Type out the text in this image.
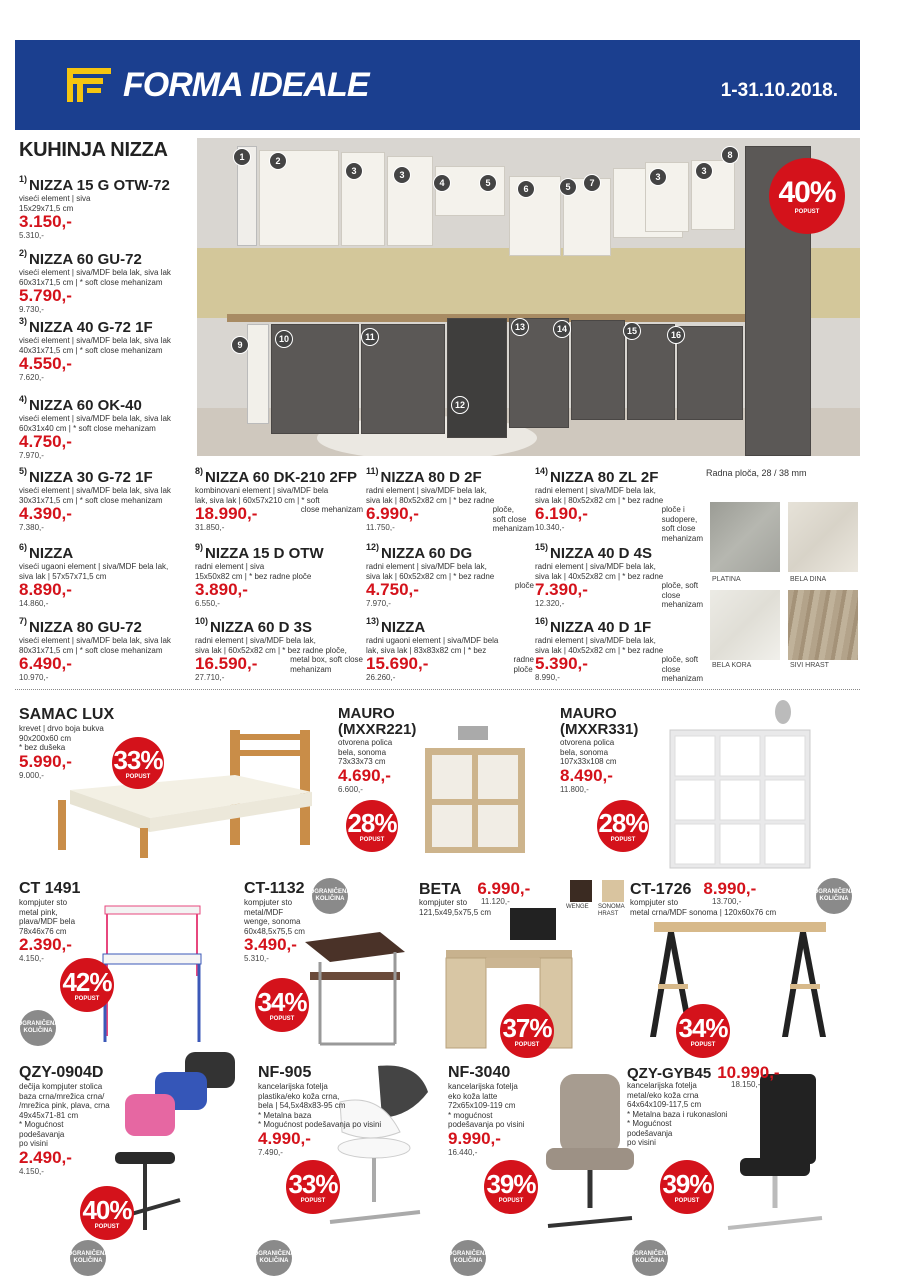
FORMA IDEALE	1-31.10.2018.
KUHINJA NIZZA
$^{1)}$ NIZZA 15 G OTW-72
viseći element | siva
15x29x71,5 cm
3.150,-
5.310,-
$^{2)}$ NIZZA 60 GU-72
viseći element | siva/MDF bela lak, siva lak
60x31x71,5 cm | * soft close mehanizam
5.790,-
9.730,-
$^{3)}$ NIZZA 40 G-72 1F
viseći element | siva/MDF bela lak, siva lak
40x31x71,5 cm | * soft close mehanizam
4.550,-
7.620,-
$^{4)}$ NIZZA 60 OK-40
viseći element | siva/MDF bela lak, siva lak
60x31x40 cm | * soft close mehanizam
4.750,-
7.970,-
1	2
3	3
4	5
6	5	7
3
3
8
9
10	11
12
13	14	15	16
40%
POPUST
$^{5)}$ NIZZA 30 G-72 1F
viseći element | siva/MDF bela lak, siva lak
30x31x71,5 cm | * soft close mehanizam
4.390,-
7.380,-
$^{6)}$ NIZZA
viseći ugaoni element | siva/MDF bela lak,
siva lak | 57x57x71,5 cm
8.890,-
14.860,-
$^{7)}$ NIZZA 80 GU-72
viseći element | siva/MDF bela lak, siva lak
80x31x71,5 cm | * soft close mehanizam
6.490,-
10.970,-
$^{8)}$ NIZZA 60 DK-210 2FP
kombinovani element | siva/MDF bela
lak, siva lak | 60x57x210 cm | * soft
18.990,-
31.850,-
close mehanizam
$^{9)}$ NIZZA 15 D OTW
radni element | siva
15x50x82 cm | * bez radne ploče
3.890,-
6.550,-
$^{10)}$ NIZZA 60 D 3S
radni element | siva/MDF bela lak,
siva lak | 60x52x82 cm | * bez radne ploče,
16.590,-
27.710,-
metal box, soft close
mehanizam
$^{11)}$ NIZZA 80 D 2F
radni element | siva/MDF bela lak,
siva lak | 80x52x82 cm | * bez radne
6.990,-
11.750,-
ploče,
soft close
mehanizam
$^{12)}$ NIZZA 60 DG
radni element | siva/MDF bela lak,
siva lak | 60x52x82 cm | * bez radne
4.750,-
7.970,-
ploče
$^{13)}$ NIZZA
radni ugaoni element | siva/MDF bela
lak, siva lak | 83x83x82 cm | * bez
15.690,-
26.260,-
radne
ploče
$^{14)}$ NIZZA 80 ZL 2F
radni element | siva/MDF bela lak,
siva lak | 80x52x82 cm | * bez radne
6.190,-
10.340,-
ploče i
sudopere,
soft close
mehanizam
$^{15)}$ NIZZA 40 D 4S
radni element | siva/MDF bela lak,
siva lak | 40x52x82 cm | * bez radne
7.390,-
12.320,-
ploče, soft
close
mehanizam
$^{16)}$ NIZZA 40 D 1F
radni element | siva/MDF bela lak,
siva lak | 40x52x82 cm | * bez radne
5.390,-
8.990,-
ploče, soft
close
mehanizam
Radna ploča, 28 / 38 mm
PLATINA	BELA DINA
BELA KORA	SIVI HRAST
WENGE SONOMA
HRAST
SAMAC LUX
krevet | drvo boja bukva
90x200x60 cm
* bez dušeka
5.990,-
9.000,-
33%
POPUST
MAURO
(MXXR221)
otvorena polica
bela, sonoma
73x33x73 cm
4.690,-
6.600,-
28%
POPUST
MAURO
(MXXR331)
otvorena polica
bela, sonoma
107x33x108 cm
8.490,-
11.800,-
28%
POPUST
CT 1491
kompjuter sto
metal pink,
plava/MDF bela
78x46x76 cm
2.390,-
4.150,-
42%
POPUST
OGRANIČENA KOLIČINA
CT-1132
kompjuter sto
metal/MDF
wenge, sonoma
60x48,5x75,5 cm
3.490,-
5.310,-
OGRANIČENA KOLIČINA
34%
POPUST
BETA 6.990,-
11.120,-
kompjuter sto
121,5x49,5x75,5 cm
37%
POPUST
CT-1726 8.990,-
13.700,-
kompjuter sto
metal crna/MDF sonoma | 120x60x76 cm
OGRANIČENA KOLIČINA
34%
POPUST
QZY-0904D
dečija kompjuter stolica
baza crna/mrežica crna/
/mrežica pink, plava, crna
49x45x71-81 cm
* Mogućnost
podešavanja
po visini
2.490,-
4.150,-
40%
POPUST
OGRANIČENA KOLIČINA
NF-905
kancelarijska fotelja
plastika/eko koža crna,
bela | 54,5x48x83-95 cm
* Metalna baza
* Mogućnost podešavanja po visini
4.990,-
7.490,-
33%
POPUST
OGRANIČENA KOLIČINA
NF-3040
kancelarijska fotelja
eko koža latte
72x65x109-119 cm
* mogućnost
podešavanja po visini
9.990,-
16.440,-
39%
POPUST
OGRANIČENA KOLIČINA
QZY-GYB45 10.990,-
18.150,-
kancelarijska fotelja
metal/eko koža crna
64x64x109-117,5 cm
* Metalna baza i rukonasloni
* Mogućnost
podešavanja
po visini
39%
POPUST
OGRANIČENA KOLIČINA
